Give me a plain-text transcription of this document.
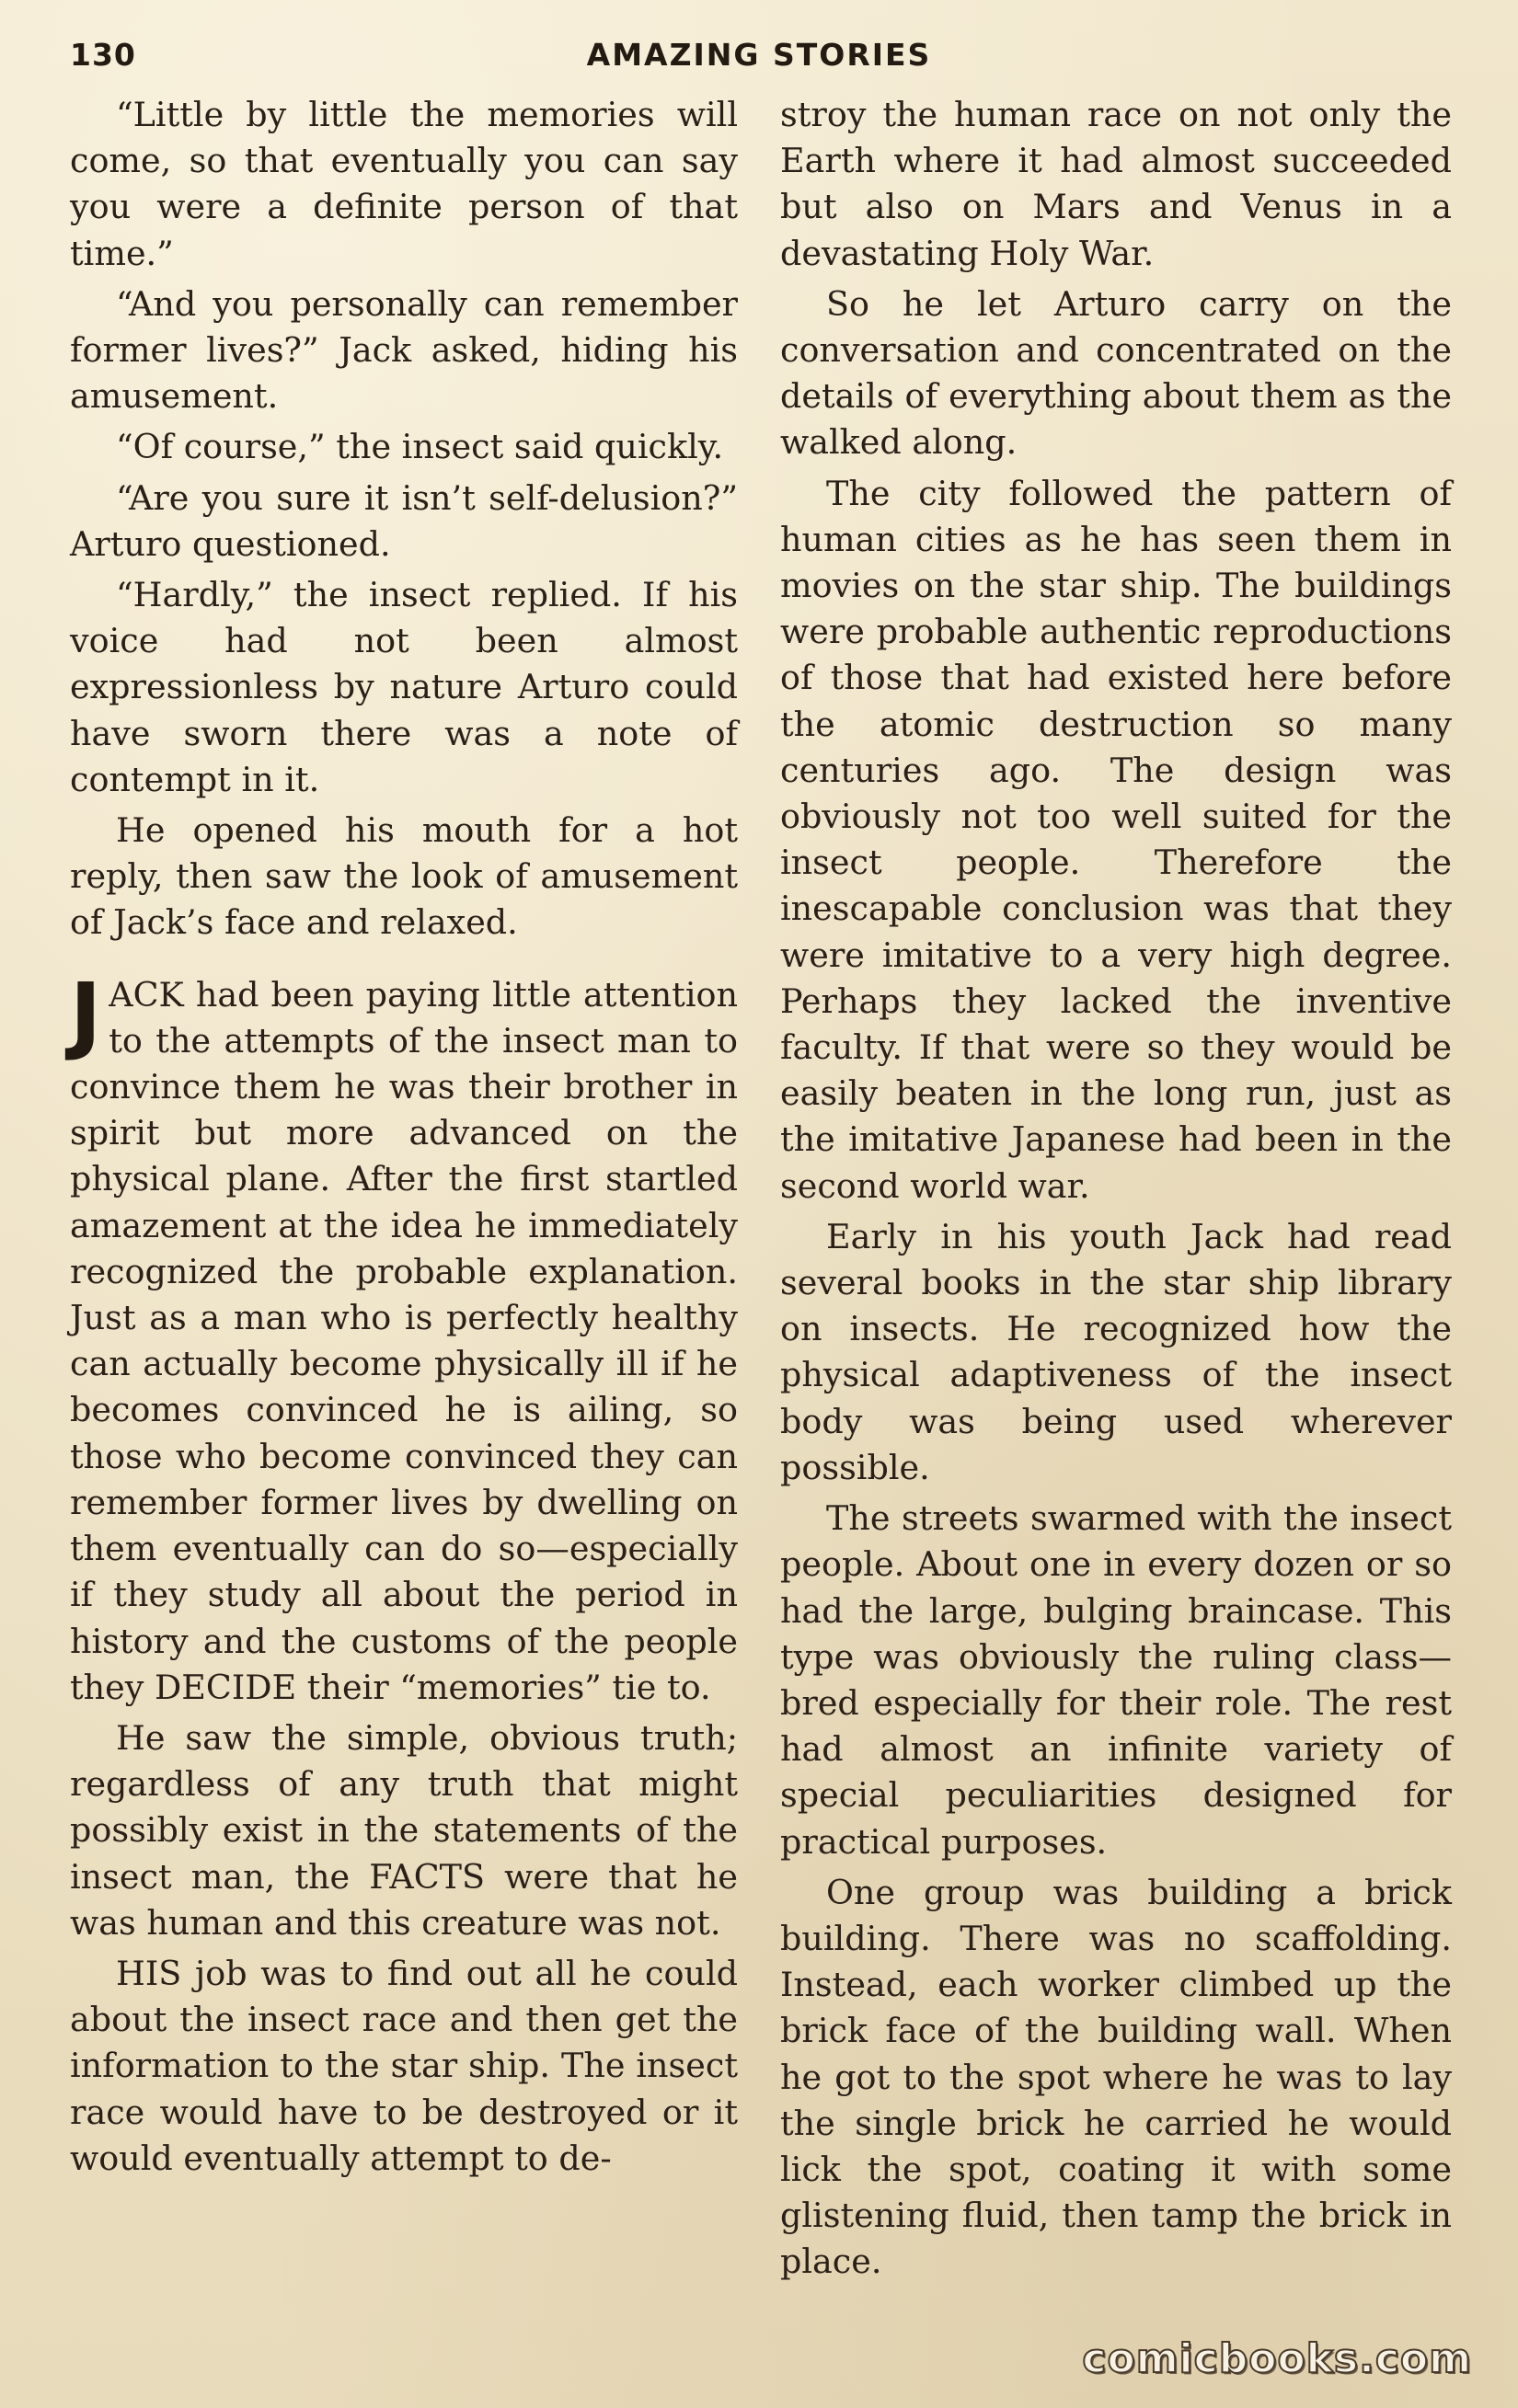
130	AMAZING STORIES

“Little by little the memories will come, so that eventually you can say you were a definite person of that time.”

“And you personally can remember former lives?” Jack asked, hiding his amusement.

“Of course,” the insect said quickly.

“Are you sure it isn’t self-delusion?” Arturo questioned.

“Hardly,” the insect replied. If his voice had not been almost expressionless by nature Arturo could have sworn there was a note of contempt in it.

He opened his mouth for a hot reply, then saw the look of amusement of Jack’s face and relaxed.

JACK had been paying little attention to the attempts of the insect man to convince them he was their brother in spirit but more advanced on the physical plane. After the first startled amazement at the idea he immediately recognized the probable explanation. Just as a man who is perfectly healthy can actually become physically ill if he becomes convinced he is ailing, so those who become convinced they can remember former lives by dwelling on them eventually can do so—especially if they study all about the period in history and the customs of the people they DECIDE their “memories” tie to.

He saw the simple, obvious truth; regardless of any truth that might possibly exist in the statements of the insect man, the FACTS were that he was human and this creature was not.

HIS job was to find out all he could about the insect race and then get the information to the star ship. The insect race would have to be destroyed or it would eventually attempt to de-

stroy the human race on not only the Earth where it had almost succeeded but also on Mars and Venus in a devastating Holy War.

So he let Arturo carry on the conversation and concentrated on the details of everything about them as the walked along.

The city followed the pattern of human cities as he has seen them in movies on the star ship. The buildings were probable authentic reproductions of those that had existed here before the atomic destruction so many centuries ago. The design was obviously not too well suited for the insect people. Therefore the inescapable conclusion was that they were imitative to a very high degree. Perhaps they lacked the inventive faculty. If that were so they would be easily beaten in the long run, just as the imitative Japanese had been in the second world war.

Early in his youth Jack had read several books in the star ship library on insects. He recognized how the physical adaptiveness of the insect body was being used wherever possible.

The streets swarmed with the insect people. About one in every dozen or so had the large, bulging braincase. This type was obviously the ruling class—bred especially for their role. The rest had almost an infinite variety of special peculiarities designed for practical purposes.

One group was building a brick building. There was no scaffolding. Instead, each worker climbed up the brick face of the building wall. When he got to the spot where he was to lay the single brick he carried he would lick the spot, coating it with some glistening fluid, then tamp the brick in place.

comicbooks.com
